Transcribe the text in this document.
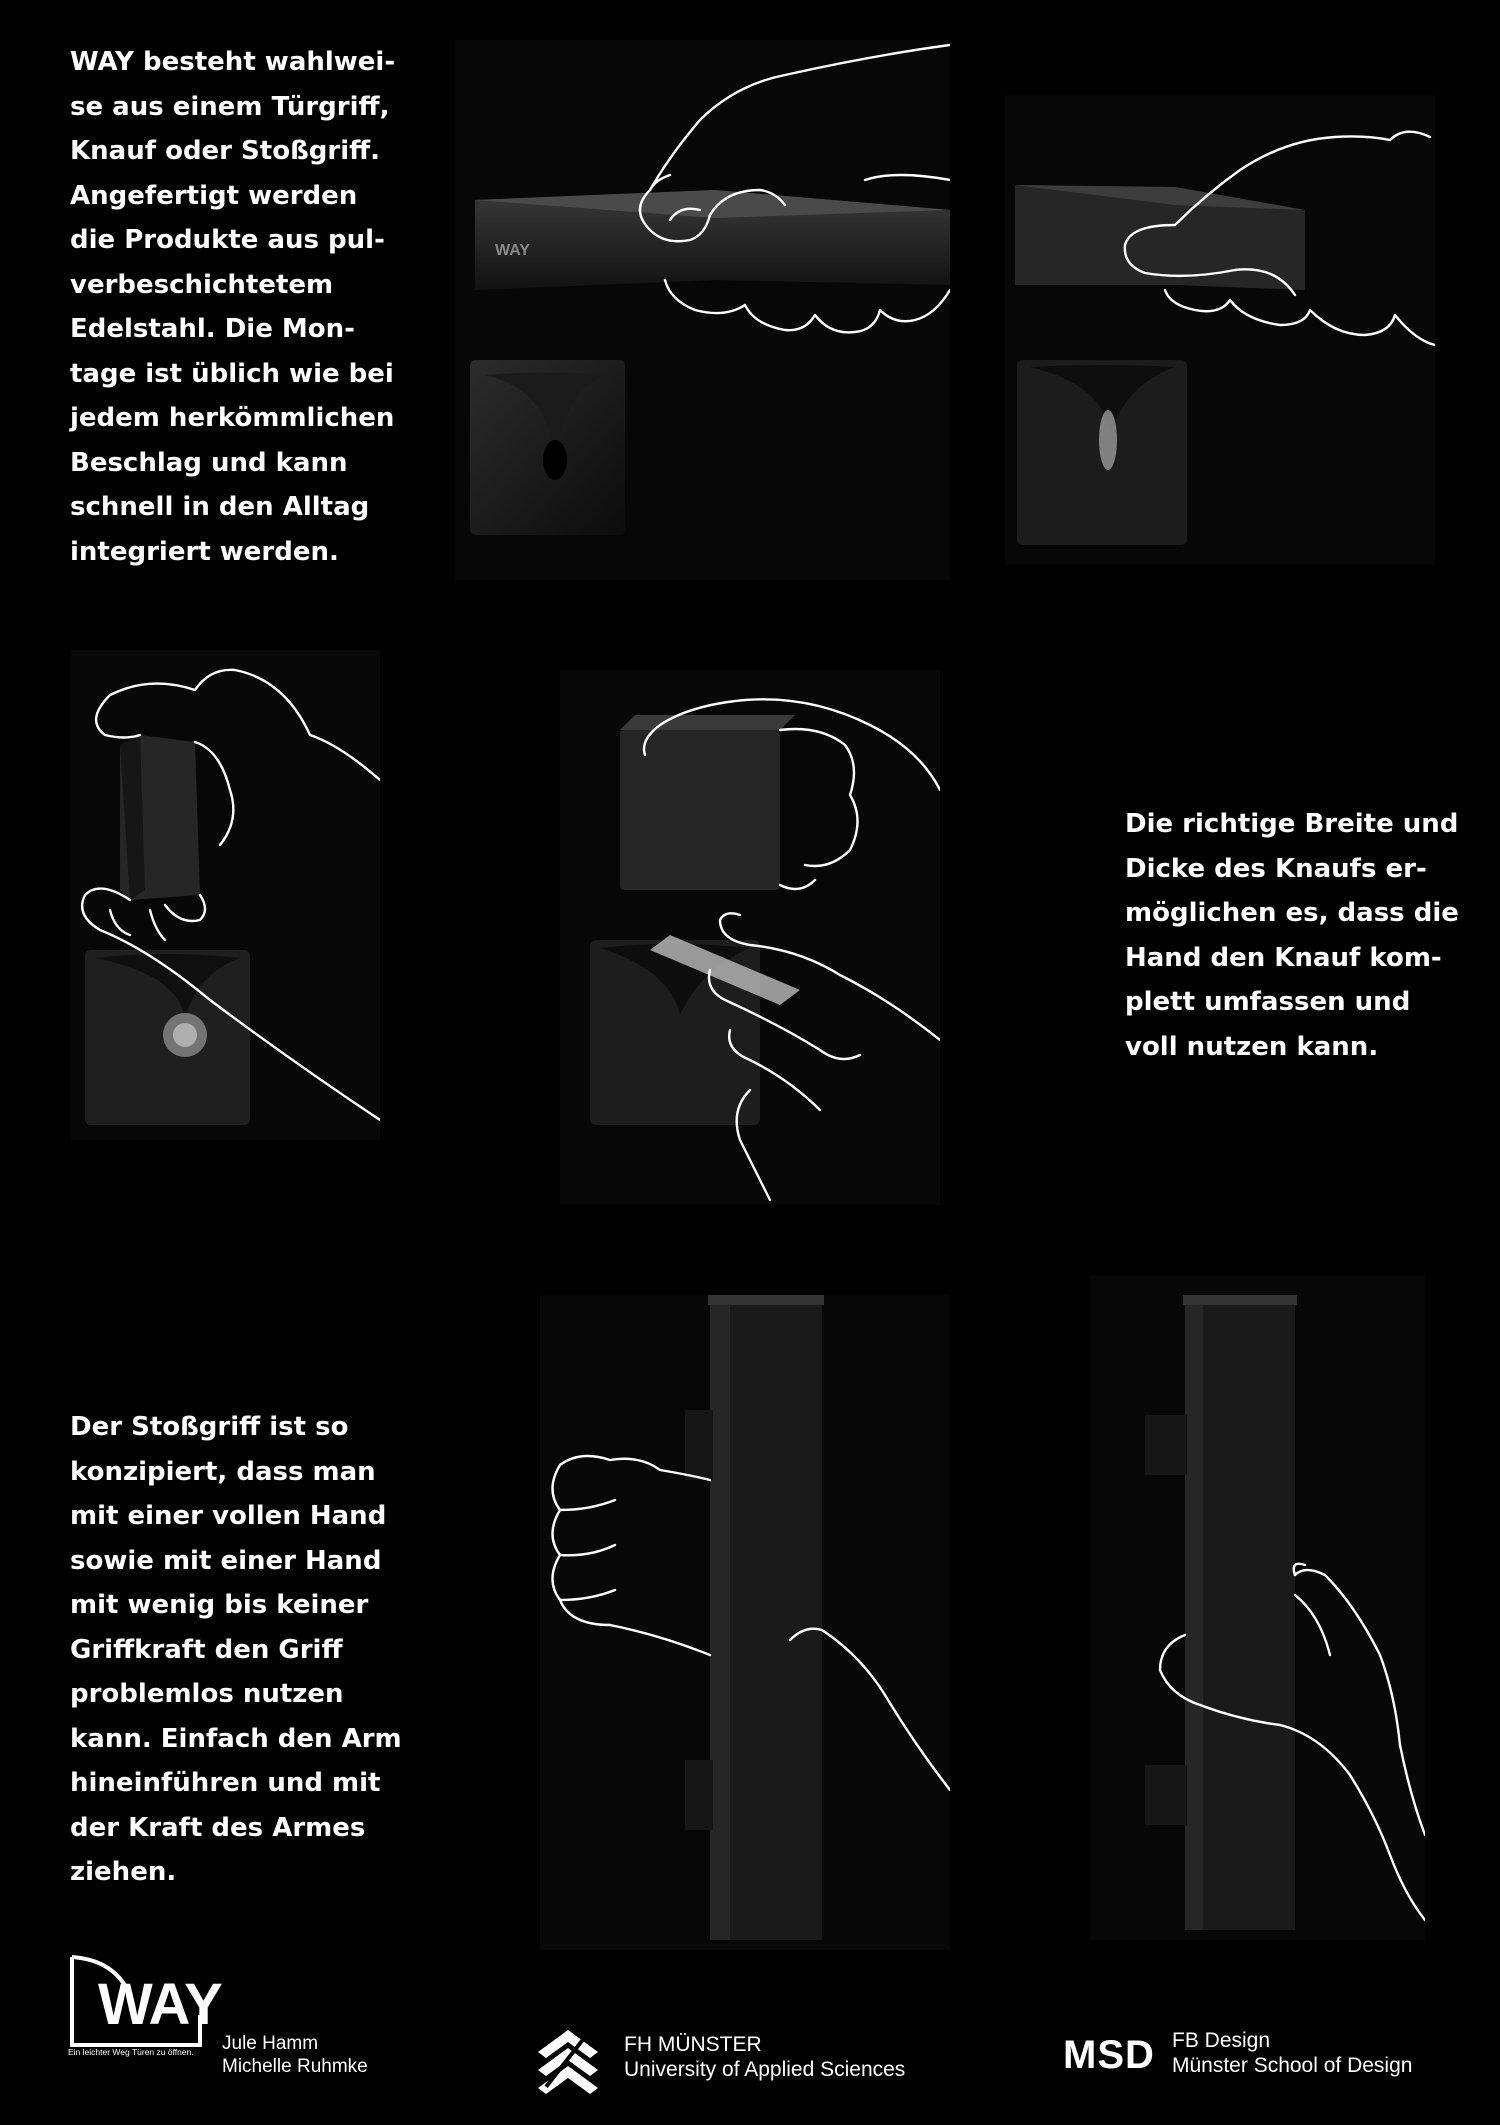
WAY besteht wahlwei-
se aus einem Türgriff,
Knauf oder Stoßgriff.
Angefertigt werden
die Produkte aus pul-
verbeschichtetem
Edelstahl. Die Mon-
tage ist üblich wie bei
jedem herkömmlichen
Beschlag und kann
schnell in den Alltag
integriert werden.
WAY
Die richtige Breite und
Dicke des Knaufs er-
möglichen es, dass die
Hand den Knauf kom-
plett umfassen und
voll nutzen kann.
Der Stoßgriff ist so
konzipiert, dass man
mit einer vollen Hand
sowie mit einer Hand
mit wenig bis keiner
Griffkraft den Griff
problemlos nutzen
kann. Einfach den Arm
hineinführen und mit
der Kraft des Armes
ziehen.
WAY
Ein leichter Weg Türen zu öffnen. Jule Hamm
Michelle Ruhmke
FH MÜNSTER
University of Applied Sciences	MSD FB Design
Münster School of Design
